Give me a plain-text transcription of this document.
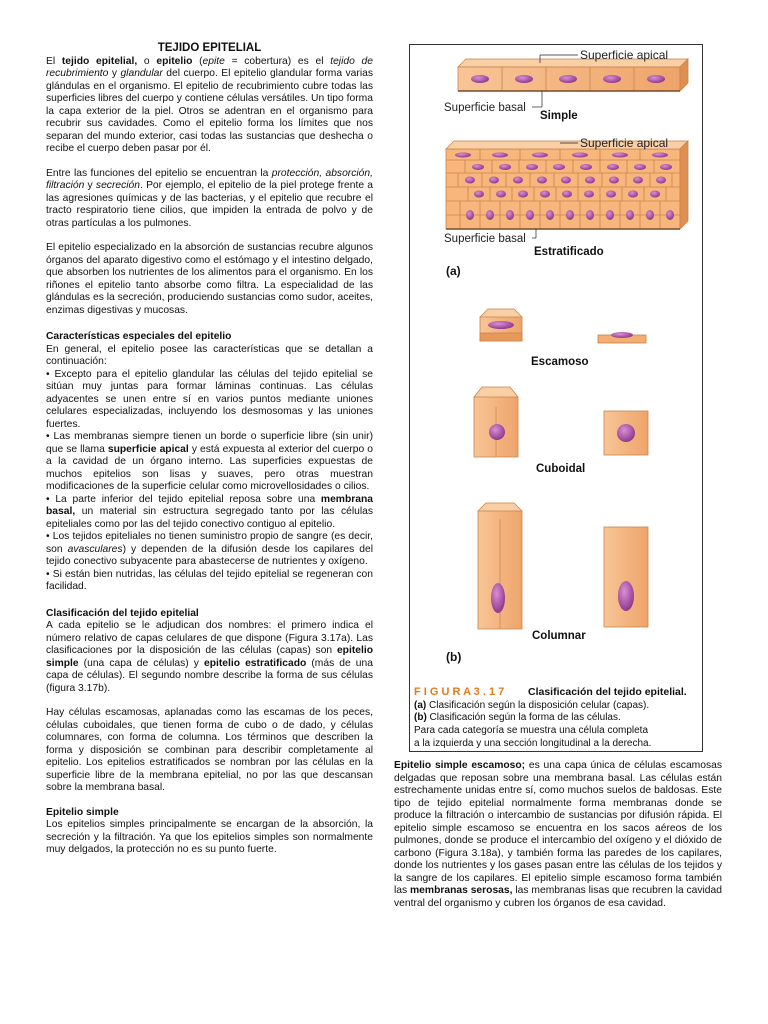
TEJIDO EPITELIAL

El tejido epitelial, o epitelio (epite = cobertura) es el tejido de recubrimiento y glandular del cuerpo. El epitelio glandular forma varias glándulas en el organismo. El epitelio de recubrimiento cubre todas las superficies libres del cuerpo y contiene células versátiles. Un tipo forma la capa exterior de la piel. Otros se adentran en el organismo para recubrir sus cavidades. Como el epitelio forma los límites que nos separan del mundo exterior, casi todas las sustancias que deshecha o recibe el cuerpo deben pasar por él.

Entre las funciones del epitelio se encuentran la protección, absorción, filtración y secreción. Por ejemplo, el epitelio de la piel protege frente a las agresiones químicas y de las bacterias, y el epitelio que recubre el tracto respiratorio tiene cilios, que impiden la entrada de polvo y de otras partículas a los pulmones.

El epitelio especializado en la absorción de sustancias recubre algunos órganos del aparato digestivo como el estómago y el intestino delgado, que absorben los nutrientes de los alimentos para el organismo. En los riñones el epitelio tanto absorbe como filtra. La especialidad de las glándulas es la secreción, produciendo sustancias como sudor, aceites, enzimas digestivas y mucosas.

Características especiales del epitelio
En general, el epitelio posee las características que se detallan a continuación:
• Excepto para el epitelio glandular las células del tejido epitelial se sitúan muy juntas para formar láminas continuas. Las células adyacentes se unen entre sí en varios puntos mediante uniones celulares especializadas, incluyendo los desmosomas y las uniones fuertes.
• Las membranas siempre tienen un borde o superficie libre (sin unir) que se llama superficie apical y está expuesta al exterior del cuerpo o a la cavidad de un órgano interno. Las superficies expuestas de muchos epitelios son lisas y suaves, pero otras muestran modificaciones de la superficie celular como microvellosidades o cilios.
• La parte inferior del tejido epitelial reposa sobre una membrana basal, un material sin estructura segregado tanto por las células epiteliales como por las del tejido conectivo contiguo al epitelio.
• Los tejidos epiteliales no tienen suministro propio de sangre (es decir, son avasculares) y dependen de la difusión desde los capilares del tejido conectivo subyacente para abastecerse de nutrientes y oxígeno.

• Si están bien nutridas, las células del tejido epitelial se regeneran con facilidad.

Clasificación del tejido epitelial

A cada epitelio se le adjudican dos nombres: el primero indica el número relativo de capas celulares de que dispone (Figura 3.17a). Las clasificaciones por la disposición de las células (capas) son epitelio simple (una capa de células) y epitelio estratificado (más de una capa de células). El segundo nombre describe la forma de sus células (figura 3.17b).

Hay células escamosas, aplanadas como las escamas de los peces, células cuboidales, que tienen forma de cubo o de dado, y células columnares, con forma de columna. Los términos que describen la forma y disposición se combinan para describir completamente al epitelio. Los epitelios estratificados se nombran por las células en la superficie libre de la membrana epitelial, no por las que descansan sobre la membrana basal.

Epitelio simple

Los epitelios simples principalmente se encargan de la absorción, la secreción y la filtración. Ya que los epitelios simples son normalmente muy delgados, la protección no es su punto fuerte.

Superficie apical
Superficie basal
Simple
Superficie apical
Superficie basal
Estratificado
(a)
Escamoso
Cuboidal
Columnar
(b)
F I G U R A 3 . 1 7 Clasificación del tejido epitelial.
(a) Clasificación según la disposición celular (capas).
(b) Clasificación según la forma de las células.
Para cada categoría se muestra una célula completa
a la izquierda y una sección longitudinal a la derecha.

Epitelio simple escamoso; es una capa única de células escamosas delgadas que reposan sobre una membrana basal. Las células están estrechamente unidas entre sí, como muchos suelos de baldosas. Este tipo de tejido epitelial normalmente forma membranas donde se produce la filtración o intercambio de sustancias por difusión rápida. El epitelio simple escamoso se encuentra en los sacos aéreos de los pulmones, donde se produce el intercambio del oxígeno y el dióxido de carbono (Figura 3.18a), y también forma las paredes de los capilares, donde los nutrientes y los gases pasan entre las células de los tejidos y la sangre de los capilares. El epitelio simple escamoso forma también las membranas serosas, las membranas lisas que recubren la cavidad ventral del organismo y cubren los órganos de esa cavidad.
